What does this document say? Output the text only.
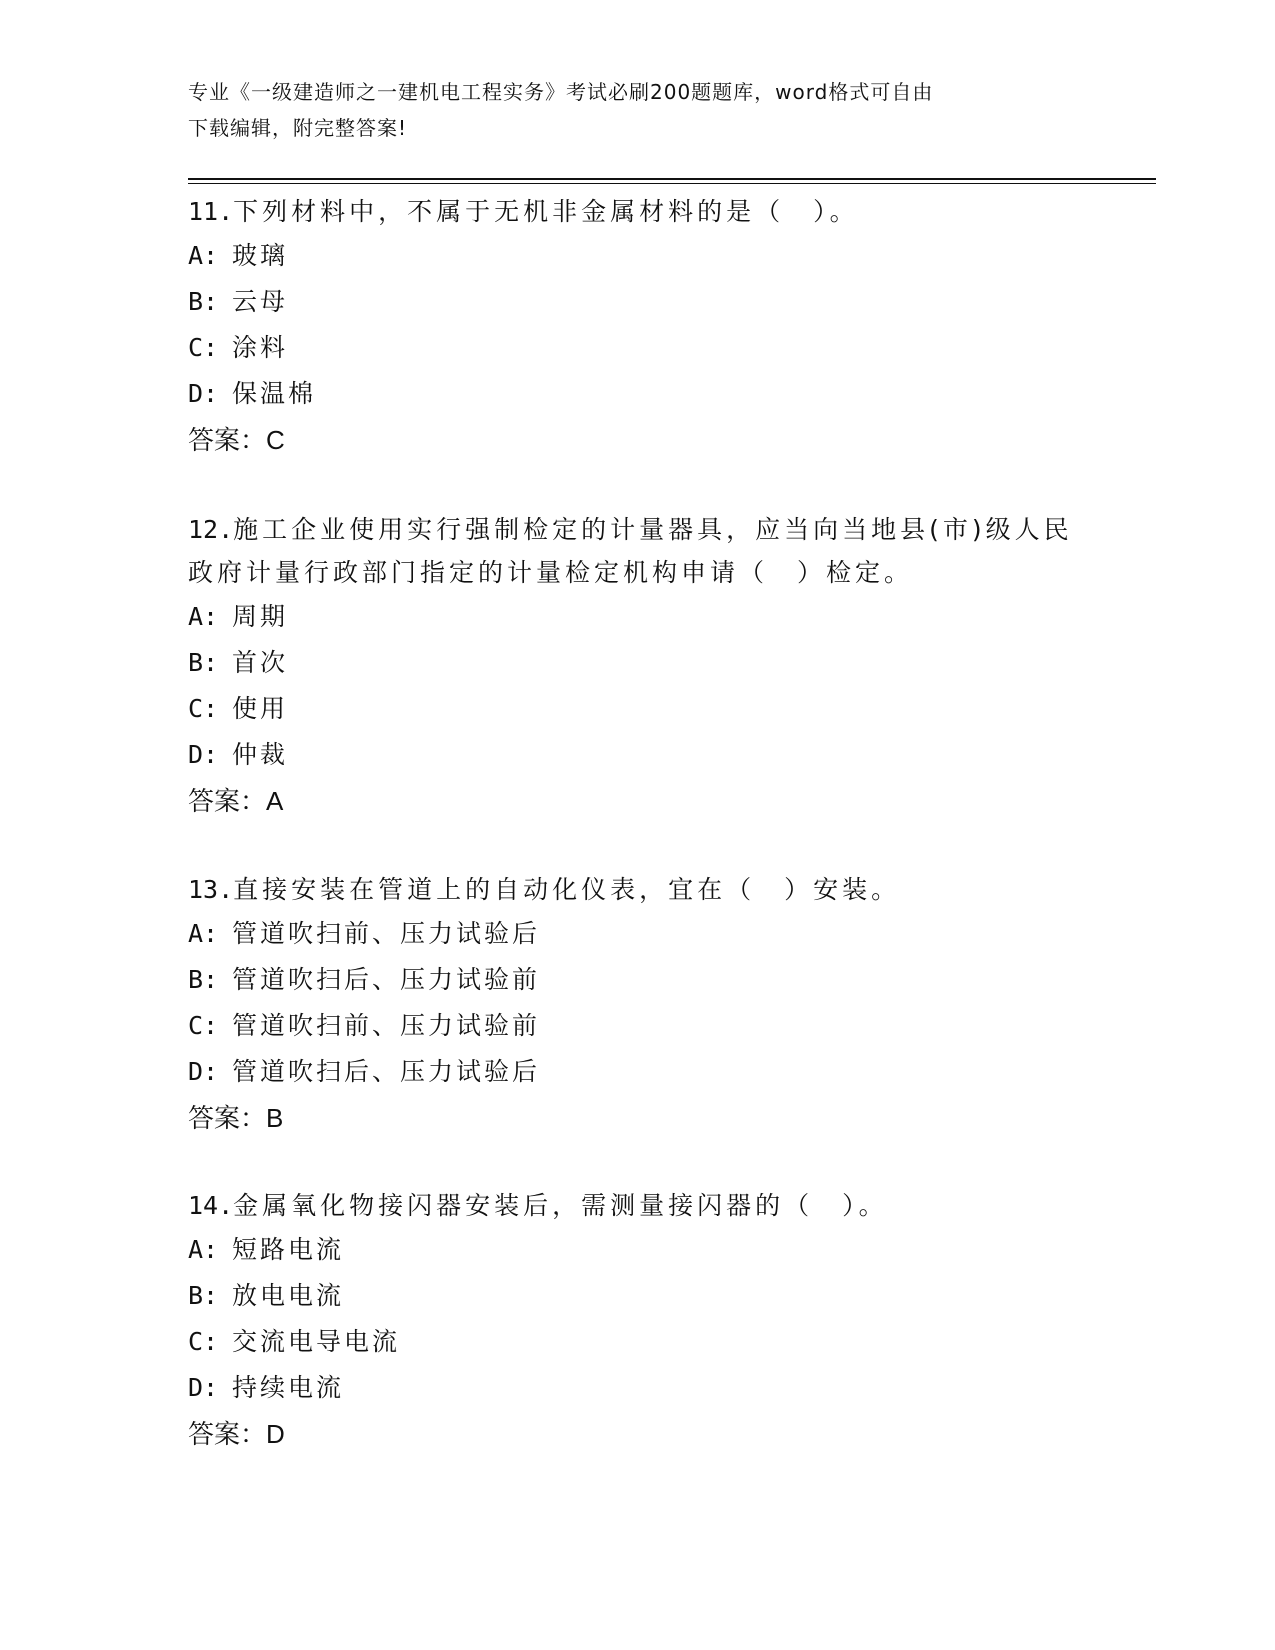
专业《一级建造师之一建机电工程实务》考试必刷200题题库，word格式可自由
下载编辑，附完整答案!

11.下列材料中，不属于无机非金属材料的是（　）。

A: 玻璃
B: 云母
C: 涂料
D: 保温棉
答案：C

12.施工企业使用实行强制检定的计量器具，应当向当地县(市)级人民政府计量行政部门指定的计量检定机构申请（　）检定。

A: 周期
B: 首次
C: 使用
D: 仲裁
答案：A

13.直接安装在管道上的自动化仪表，宜在（　）安装。

A: 管道吹扫前、压力试验后
B: 管道吹扫后、压力试验前
C: 管道吹扫前、压力试验前
D: 管道吹扫后、压力试验后
答案：B

14.金属氧化物接闪器安装后，需测量接闪器的（　）。

A: 短路电流
B: 放电电流
C: 交流电导电流
D: 持续电流
答案：D
